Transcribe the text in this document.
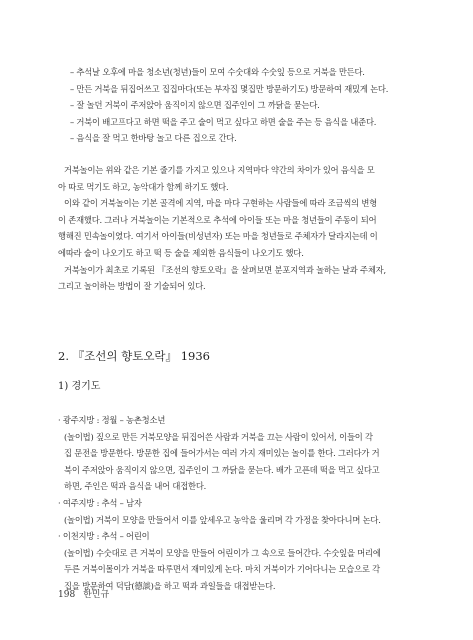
– 추석날 오후에 마을 청소년(청년)들이 모여 수숫대와 수숫잎 등으로 거북을 만든다.
– 만든 거북을 뒤집어쓰고 집집마다(또는 부자집 몇집만 방문하기도) 방문하여 재밌게 논다.
– 잘 놀던 거북이 주저앉아 움직이지 않으면 집주인이 그 까닭을 묻는다.
– 거북이 배고프다고 하면 떡을 주고 술이 먹고 싶다고 하면 술을 주는 등 음식을 내준다.
– 음식을 잘 먹고 한바탕 놀고 다른 집으로 간다.
거북놀이는 위와 같은 기본 줄기를 가지고 있으나 지역마다 약간의 차이가 있어 음식을 모
아 따로 먹기도 하고, 농악대가 함께 하기도 했다.
이와 같이 거북놀이는 기본 골격에 지역, 마을 마다 구현하는 사람들에 따라 조금씩의 변형
이 존재했다. 그러나 거북놀이는 기본적으로 추석에 아이들 또는 마을 청년들이 주동이 되어
행해진 민속놀이였다. 여기서 아이들(비성년자) 또는 마을 청년들로 주체자가 달라지는데 이
에따라 술이 나오기도 하고 떡 등 술을 제외한 음식들이 나오기도 했다.
거북놀이가 최초로 기록된 『조선의 향토오락』을 살펴보면 분포지역과 놀하는 날과 주체자,
그리고 놀이하는 방법이 잘 기술되어 있다.
2. 『조선의 향토오락』 1936
1) 경기도
· 광주지방 : 정월 – 농촌청소년
(놀이법) 짚으로 만든 거북모양을 뒤집어쓴 사람과 거북을 끄는 사람이 있어서, 이들이 각
집 문전을 방문한다. 방문한 집에 들어가서는 여러 가지 재미있는 놀이를 한다. 그러다가 거
북이 주저앉아 움직이지 않으면, 집주인이 그 까닭을 묻는다. 배가 고픈데 떡을 먹고 싶다고
하면, 주인은 떡과 음식을 내어 대접한다.
· 여주지방 : 추석 – 남자
(놀이법) 거북이 모양을 만들어서 이를 앞세우고 농악을 울리며 각 가정을 찾아다니며 논다.
· 이천지방 : 추석 – 어린이
(놀이법) 수숫대로 큰 거북이 모양을 만들어 어린이가 그 속으로 들어간다. 수숫잎을 머리에
두른 거북이몰이가 거북을 따루면서 재미있게 논다. 마치 거북이가 기어다니는 모습으로 각
집을 방문하여 덕담(德談)을 하고 떡과 과일들을 대접받는다.
198 한민규
